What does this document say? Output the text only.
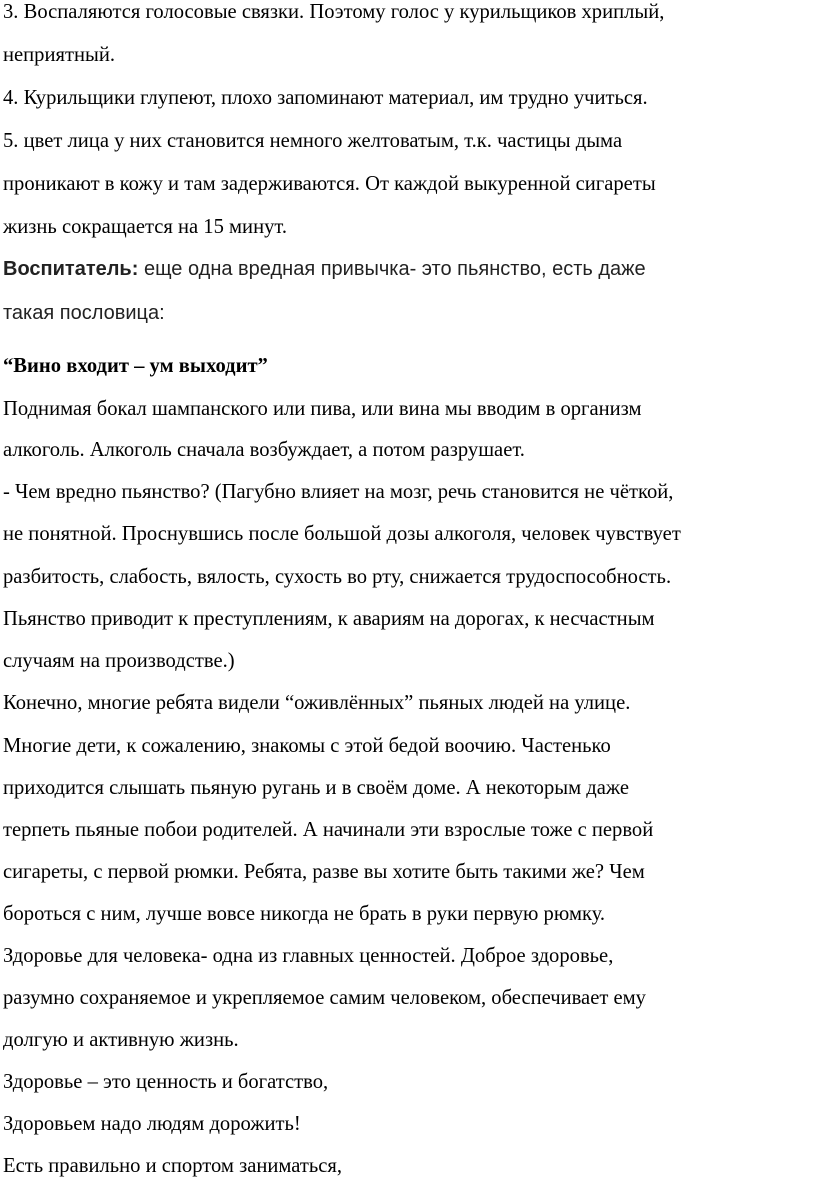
3. Воспаляются голосовые связки. Поэтому голос у курильщиков хриплый,
неприятный.
4. Курильщики глупеют, плохо запоминают материал, им трудно учиться.
5. цвет лица у них становится немного желтоватым, т.к. частицы дыма
проникают в кожу и там задерживаются. От каждой выкуренной сигареты
жизнь сокращается на 15 минут.
Воспитатель: еще одна вредная привычка- это пьянство, есть даже
такая пословица:
“Вино входит – ум выходит”
Поднимая бокал шампанского или пива, или вина мы вводим в организм
алкоголь. Алкоголь сначала возбуждает, а потом разрушает.
- Чем вредно пьянство? (Пагубно влияет на мозг, речь становится не чёткой,
не понятной. Проснувшись после большой дозы алкоголя, человек чувствует
разбитость, слабость, вялость, сухость во рту, снижается трудоспособность.
Пьянство приводит к преступлениям, к авариям на дорогах, к несчастным
случаям на производстве.)
Конечно, многие ребята видели “оживлённых” пьяных людей на улице.
Многие дети, к сожалению, знакомы с этой бедой воочию. Частенько
приходится слышать пьяную ругань и в своём доме. А некоторым даже
терпеть пьяные побои родителей. А начинали эти взрослые тоже с первой
сигареты, с первой рюмки. Ребята, разве вы хотите быть такими же? Чем
бороться с ним, лучше вовсе никогда не брать в руки первую рюмку.
Здоровье для человека- одна из главных ценностей. Доброе здоровье,
разумно сохраняемое и укрепляемое самим человеком, обеспечивает ему
долгую и активную жизнь.
Здоровье – это ценность и богатство,
Здоровьем надо людям дорожить!
Есть правильно и спортом заниматься,
